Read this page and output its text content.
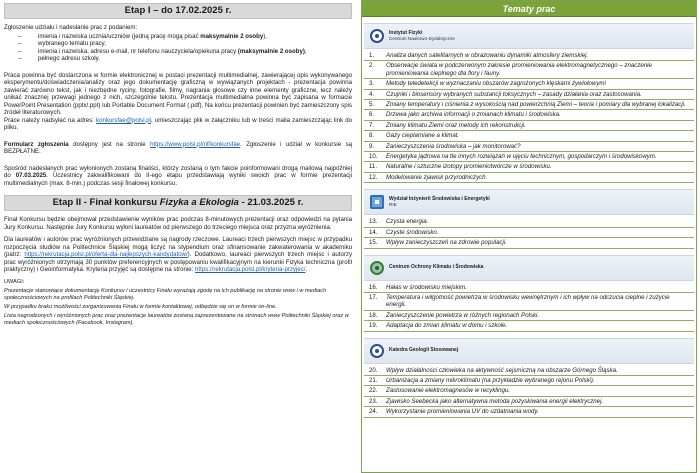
Etap I – do 17.02.2025 r.
Zgłoszenie udziału i nadesłanie prac z podaniem:
– imienia i nazwiska ucznia/uczniów (jedną pracę mogą pisać maksymalnie 2 osoby),
– wybranego tematu pracy,
– imienia i nazwiska, adresu e-mail, nr telefonu nauczyciela/opiekuna pracy (maksymalnie 2 osoby),
– pełnego adresu szkoły.
Praca powinna być dostarczona w formie elektronicznej w postaci prezentacji multimedialnej, zawierającej opis wykonywanego eksperymentu/doświadczenia/analizy oraz jego dokumentację graficzną w wywiązanych projektach - prezentacja powinna zawierać zarówno tekst, jak i niezbędne ryciny, fotografie, filmy, nagrania głosowe czy inne elementy graficzne, lecz należy unikać znacznej przewagi jednego z nich, szczególnie tekstu. Prezentacja multimedialna powinna być zapisana w formacie PowerPoint Presentation (pptx/.ppt) lub Portable Document Format (.pdf). Na końcu prezentacji powinien być zamieszczony spis źródeł literaturowych.
Prace należy nadsyłać na adres: konkursfae@polsl.pl, umieszczając plik w załączniku lub w treści maila zamieszczając link do pliku.
Formularz zgłoszenia dostępny jest na stronie https://www.polsl.pl/rif/konkursfae. Zgłoszenie i udział w konkursie są BEZPŁATNE.
Spośród nadesłanych prac wyłonionych zostaną finaliści, którzy zostaną o tym fakcie poinformowani drogą mailową najpóźniej do 07.03.2025. Uczestnicy zakwalifikowani do II-ego etapu przedstawiają wyniki swoich prac w formie prezentacji multimedialnych (max. 8-min.) podczas sesji finałowej konkursu.
Etap II - Finał konkursu Fizyka a Ekologia - 21.03.2025 r.
Finał Konkursu będzie obejmował przedstawienie wyników prac podczas 8-minutowych prezentacji oraz odpowiedzi na pytania Jury Konkursu. Następnie Jury Konkursu wyłoni laureatów od pierwszego do trzeciego miejsca oraz przyzna wyróżnienia.
Dla laureatów i autorów prac wyróżnionych przewidziane są nagrody rzeczowe. Laureaci trzech pierwszych miejsc w przypadku rozpoczęcia studiów na Politechnice Śląskiej mogą liczyć na stypendium oraz sfinansowanie zakwaterowania w akademiku (patrz: https://rekrutacja.polsl.pl/oferta-dla-najlepszych-kandydatow/). Dodatkowo, laureaci pierwszych trzech miejsc i autorzy prac wyróżnionych otrzymają 30 punktów preferencyjnych w postępowaniu kwalifikacyjnym na kierunki Fizyka techniczna (profil praktyczny) i Geoinformatyka. Kryteria przyjęć są dostępne na stronie: https://rekrutacja.polsl.pl/kryteria-przyjec/.
UWAGI:
Prezentacje stanowiące dokumentację Konkursu i uczestnicy Finału wyrażają zgodę na ich publikację na stronie www i w mediach społecznościowych na profilach Politechniki Śląskiej.
W przypadku braku możliwości zorganizowania Finału w formie kontaktowej, odbędzie się on w formie on-line.
Lista nagrodzonych i wyróżnionych prac oraz prezentacje laureatów zostaną zaprezentowane na stronach www Politechniki Śląskiej oraz w mediach społecznościowych (Facebook, Instagram).
Tematy prac
Instytut Fizyki
Centrum Naukowo-Dydaktyczne
1. Analiza danych satelitarnych w obrazowaniu dynamiki atmosfery ziemskiej.
2. Obserwacje świata w podczerwonym zakresie promieniowania elektromagnetycznego – znaczenie promieniowania cieplnego dla flory i fauny.
3. Metody teledetekcji w wyznaczaniu obszarów zagrożonych klęskami żywiołowymi
4. Czujniki i biosensory wybranych substancji toksycznych – zasady działania oraz zastosowania.
5. Zmiany temperatury i ciśnienia z wysokością nad powierzchnią Ziemi – teoria i pomiary dla wybranej lokalizacji.
6. Drzewa jako archiwa informacji o zmianach klimatu i środowiska.
7. Zmiany klimatu Ziemi oraz metody ich rekonstrukcji.
8. Gazy cieplarniane a klimat.
9. Zanieczyszczenia środowiska – jak monitorować?
10. Energetyka jądrowa na tle innych rozwiązań w ujęciu technicznym, gospodarczym i środowiskowym.
11. Naturalne i sztuczne izotopy promieniotwórcze w środowisku.
12. Modelowanie zjawisk przyrodniczych.
Wydział Inżynierii Środowiska i Energetyki
RIE
13. Czysta energia.
14. Czyste środowisko.
15. Wpływ zanieczyszczeń na zdrowie populacji.
Centrum Ochrony Klimatu i Środowiska
16. Hałas w środowisku miejskim.
17. Temperatura i wilgotność powietrza w środowisku wewnętrznym i ich wpływ na odczucia cieplne i zużycie energii.
18. Zanieczyszczenie powietrza w różnych regionach Polski.
19. Adaptacja do zmian klimatu w domu i szkole.
Katedra Geologii Stosowanej
20. Wpływ działalności człowieka na aktywność sejsmiczną na obszarze Górnego Śląska.
21. Urbanizacja a zmiany mikroklimatu (na przykładzie wybranego rejonu Polski).
22. Zastosowanie elektromagnesów w recyklingu.
23. Zjawisko Seebecka jako alternatywna metoda pozyskiwania energii elektrycznej.
24. Wykorzystanie promieniowania UV do uzdatniania wody.
